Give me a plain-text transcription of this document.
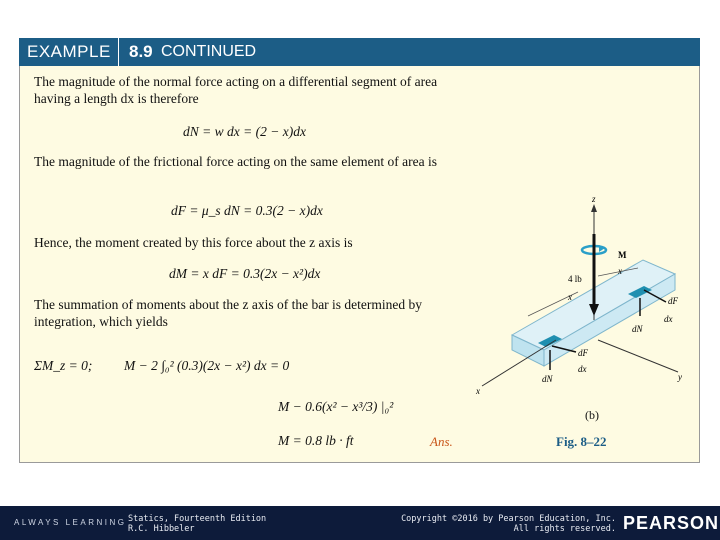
EXAMPLE 8.9 CONTINUED
The magnitude of the normal force acting on a differential segment of area having a length dx is therefore
dN = w dx = (2 − x)dx
The magnitude of the frictional force acting on the same element of area is
dF = μ_s dN = 0.3(2 − x)dx
Hence, the moment created by this force about the z axis is
dM = x dF = 0.3(2x − x²)dx
The summation of moments about the z axis of the bar is determined by integration, which yields
ΣM_z = 0; M − 2 ∫₀² (0.3)(2x − x²) dx = 0
M − 0.6(x² − x³/3) |₀²
M = 0.8 lb · ft	Ans.
z
M
4 lb
x
x
x
y
dF
dx
dN
dF
dN
dx
(b)
Fig. 8–22
ALWAYS LEARNING Statics, Fourteenth Edition
R.C. Hibbeler
Copyright ©2016 by Pearson Education, Inc.
All rights reserved. PEARSON
